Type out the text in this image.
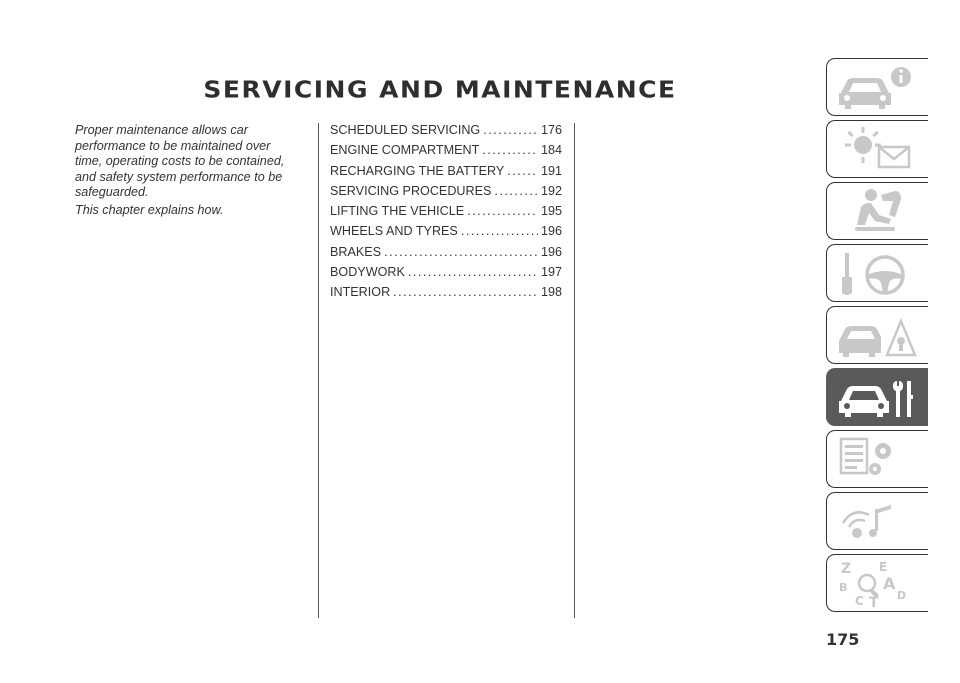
SERVICING AND MAINTENANCE

Proper maintenance allows car performance to be maintained over time, operating costs to be contained, and safety system performance to be safeguarded.

This chapter explains how.

SCHEDULED SERVICING .....	176
ENGINE COMPARTMENT .....	184
RECHARGING THE BATTERY .....	191
SERVICING PROCEDURES .....	192
LIFTING THE VEHICLE .....	195
WHEELS AND TYRES .....	196
BRAKES .....	196
BODYWORK .....	197
INTERIOR .....	198
Z E
A
B
C T D
175
